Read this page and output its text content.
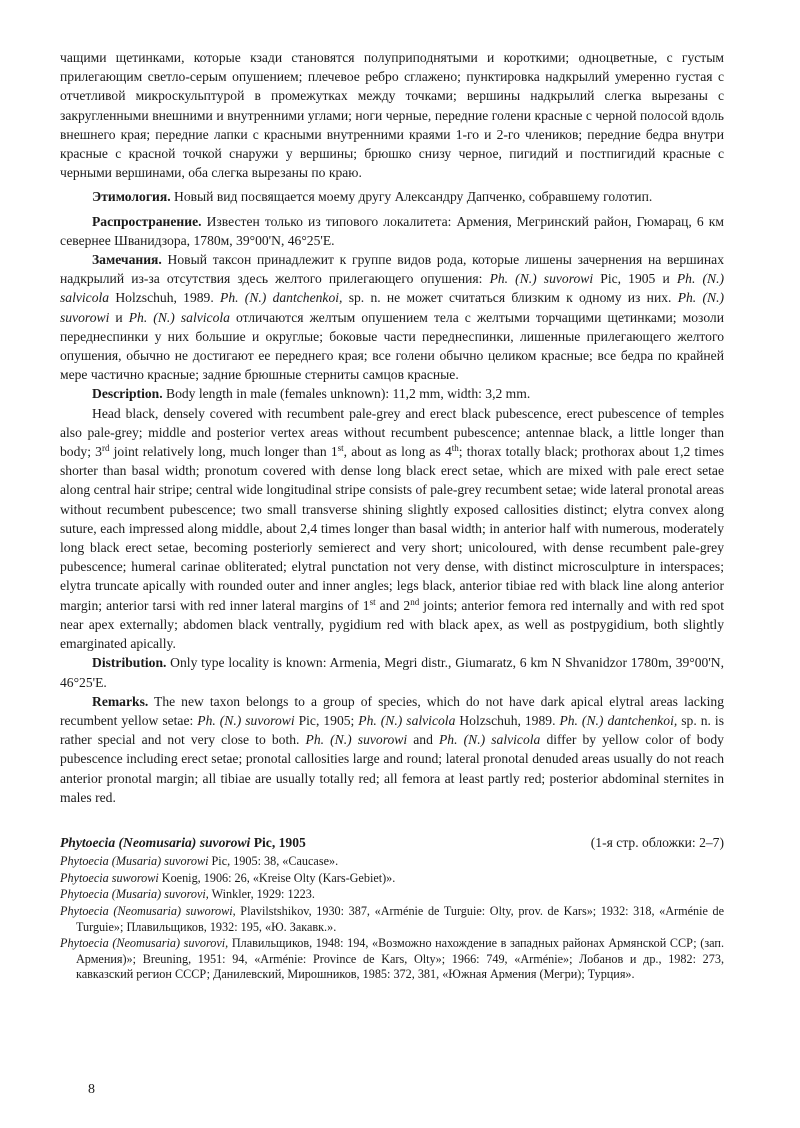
чащими щетинками, которые кзади становятся полуприподнятыми и короткими; одноцветные, с густым прилегающим светло-серым опушением; плечевое ребро сглажено; пунктировка надкрылий умеренно густая с отчетливой микроскульптурой в промежутках между точками; вершины надкрылий слегка вырезаны с закругленными внешними и внутренними углами; ноги черные, передние голени красные с черной полосой вдоль внешнего края; передние лапки с красными внутренними краями 1-го и 2-го члеников; передние бедра внутри красные с красной точкой снаружи у вершины; брюшко снизу черное, пигидий и постпигидий красные с черными вершинами, оба слегка вырезаны по краю.

Этимология. Новый вид посвящается моему другу Александру Дапченко, собравшему голотип.

Распространение. Известен только из типового локалитета: Армения, Мегринский район, Гюмарац, 6 км севернее Шванидзора, 1780м, 39°00'N, 46°25'E.

Замечания. Новый таксон принадлежит к группе видов рода, которые лишены зачернения на вершинах надкрылий из-за отсутствия здесь желтого прилегающего опушения: Ph. (N.) suvorowi Pic, 1905 и Ph. (N.) salvicola Holzschuh, 1989. Ph. (N.) dantchenkoi, sp. n. не может считаться близким к одному из них. Ph. (N.) suvorowi и Ph. (N.) salvicola отличаются желтым опушением тела с желтыми торчащими щетинками; мозоли переднеспинки у них большие и округлые; боковые части переднеспинки, лишенные прилегающего желтого опушения, обычно не достигают ее переднего края; все голени обычно целиком красные; все бедра по крайней мере частично красные; задние брюшные стерниты самцов красные.

Description. Body length in male (females unknown): 11,2 mm, width: 3,2 mm.

Head black, densely covered with recumbent pale-grey and erect black pubescence, erect pubescence of temples also pale-grey; middle and posterior vertex areas without recumbent pubescence; antennae black, a little longer than body; 3rd joint relatively long, much longer than 1st, about as long as 4th; thorax totally black; prothorax about 1,2 times shorter than basal width; pronotum covered with dense long black erect setae, which are mixed with pale erect setae along central hair stripe; central wide longitudinal stripe consists of pale-grey recumbent setae; wide lateral pronotal areas without recumbent pubescence; two small transverse shining slightly exposed callosities distinct; elytra convex along suture, each impressed along middle, about 2,4 times longer than basal width; in anterior half with numerous, moderately long black erect setae, becoming posteriorly semierect and very short; unicoloured, with dense recumbent pale-grey pubescence; humeral carinae obliterated; elytral punctation not very dense, with distinct microsculpture in interspaces; elytra truncate apically with rounded outer and inner angles; legs black, anterior tibiae red with black line along anterior margin; anterior tarsi with red inner lateral margins of 1st and 2nd joints; anterior femora red internally and with red spot near apex externally; abdomen black ventrally, pygidium red with black apex, as well as postpygidium, both slightly emarginated apically.

Distribution. Only type locality is known: Armenia, Megri distr., Giumaratz, 6 km N Shvanidzor 1780m, 39°00'N, 46°25'E.

Remarks. The new taxon belongs to a group of species, which do not have dark apical elytral areas lacking recumbent yellow setae: Ph. (N.) suvorowi Pic, 1905; Ph. (N.) salvicola Holzschuh, 1989. Ph. (N.) dantchenkoi, sp. n. is rather special and not very close to both. Ph. (N.) suvorowi and Ph. (N.) salvicola differ by yellow color of body pubescence including erect setae; pronotal callosities large and round; lateral pronotal denuded areas usually do not reach anterior pronotal margin; all tibiae are usually totally red; all femora at least partly red; posterior abdominal sternites in males red.

Phytoecia (Neomusaria) suvorowi Pic, 1905	(1-я стр. обложки: 2–7)

Phytoecia (Musaria) suvorowi Pic, 1905: 38, «Caucase».

Phytoecia suworowi Koenig, 1906: 26, «Kreise Olty (Kars-Gebiet)».

Phytoecia (Musaria) suvorovi, Winkler, 1929: 1223.

Phytoecia (Neomusaria) suworowi, Plavilstshikov, 1930: 387, «Arménie de Turguie: Olty, prov. de Kars»; 1932: 318, «Arménie de Turguie»; Плавильщиков, 1932: 195, «Ю. Закавк.».

Phytoecia (Neomusaria) suvorovi, Плавильщиков, 1948: 194, «Возможно нахождение в западных районах Армянской ССР; (зап. Армения)»; Breuning, 1951: 94, «Arménie: Province de Kars, Olty»; 1966: 749, «Arménie»; Лобанов и др., 1982: 273, кавказский регион СССР; Данилевский, Мирошников, 1985: 372, 381, «Южная Армения (Мегри); Турция».

8
